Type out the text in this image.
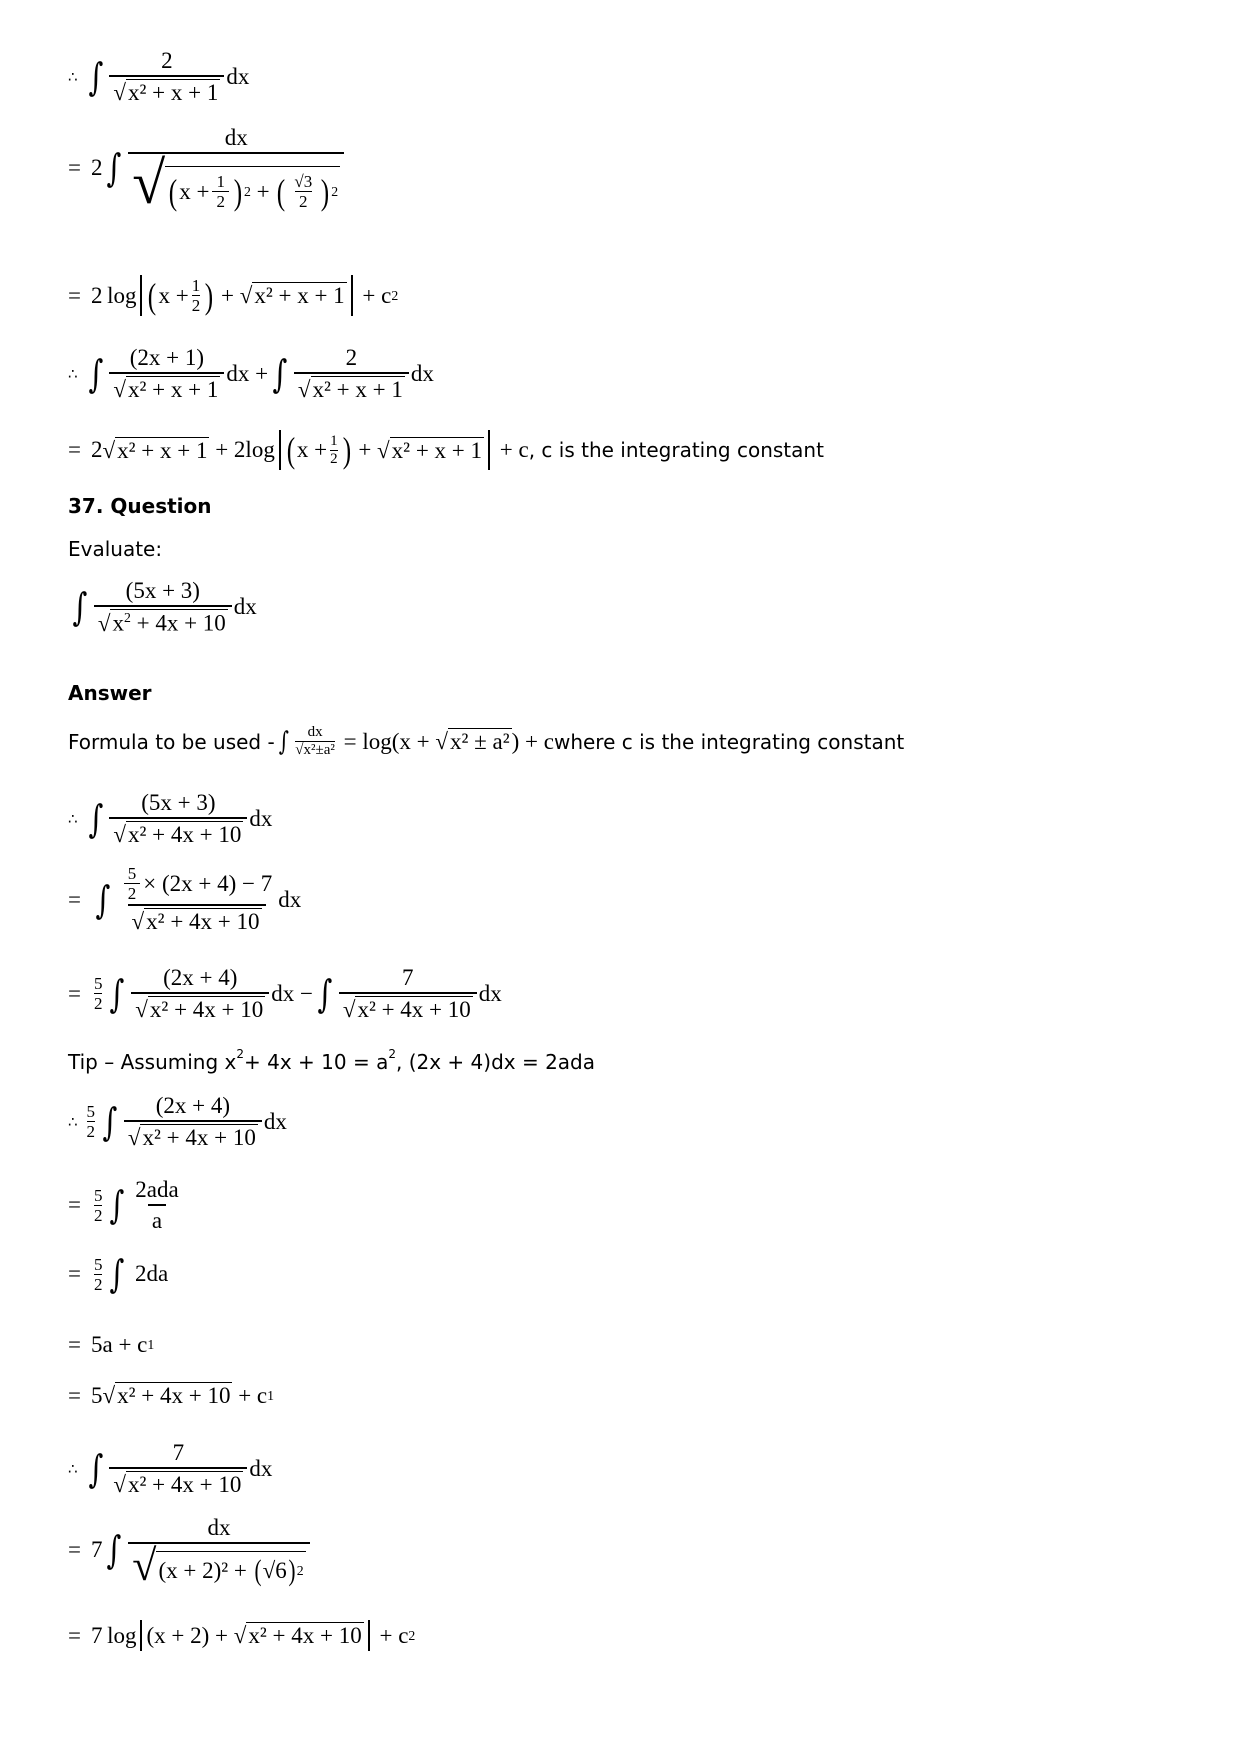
∴ ∫ $\frac{2}{\text{√ x² + x + 1}}$ dx
= 2 ∫ $\frac{dx}{√ ( x + \frac{1}{2} ) 2 + ( \frac{√3}{2} ) 2}$
= 2 log ( $x + \frac{1}{2}$ ) + √ x² + x + 1 + c 2
∴ ∫ $\frac{(2x + 1)}{\text{√ x² + x + 1}}$ dx + ∫ $\frac{2}{\text{√ x² + x + 1}}$ dx
= 2 √ x² + x + 1 + 2log ( $x + \frac{1}{2}$ ) + √ x² + x + 1 + c , c is the integrating constant
37. Question
Evaluate:
∫ $\frac{(5x + 3)}{√ x^2 + 4x + 10}$ dx
Answer
Formula to be used - ∫ $\frac{dx}{\text{√x²±a²}} = \log(x$ + √ x² ± a² ) + c where c is the integrating constant
∴ ∫ $\frac{(5x + 3)}{\text{√ x² + 4x + 10}}$ dx
= ∫ $\frac{\frac{5}{2} \times (2x + 4) - 7}{\text{√ x² + 4x + 10}}$ dx
= $\frac{5}{2}$ ∫ $\frac{(2x + 4)}{\text{√ x² + 4x + 10}}$ dx − ∫ $\frac{7}{\text{√ x² + 4x + 10}}$ dx
Tip – Assuming $x^2 + 4x + 10 = a^2$ , (2x + 4)dx = 2ada
∴ $\frac{5}{2}$ ∫ $\frac{(2x + 4)}{\text{√ x² + 4x + 10}}$ dx
= $\frac{5}{2}$ ∫ $\frac{\text{2ada}}{a}$
= $\frac{5}{2}$ ∫ 2da
= 5a + c 1
= 5 √ x² + 4x + 10 + c 1
∴ ∫ $\frac{7}{\text{√ x² + 4x + 10}}$ dx
= 7 ∫ $\frac{dx}{\text{√ (x + 2)² + ( √6 ) 2}}$
= 7 log (x + 2) + √ x² + 4x + 10 + c 2
